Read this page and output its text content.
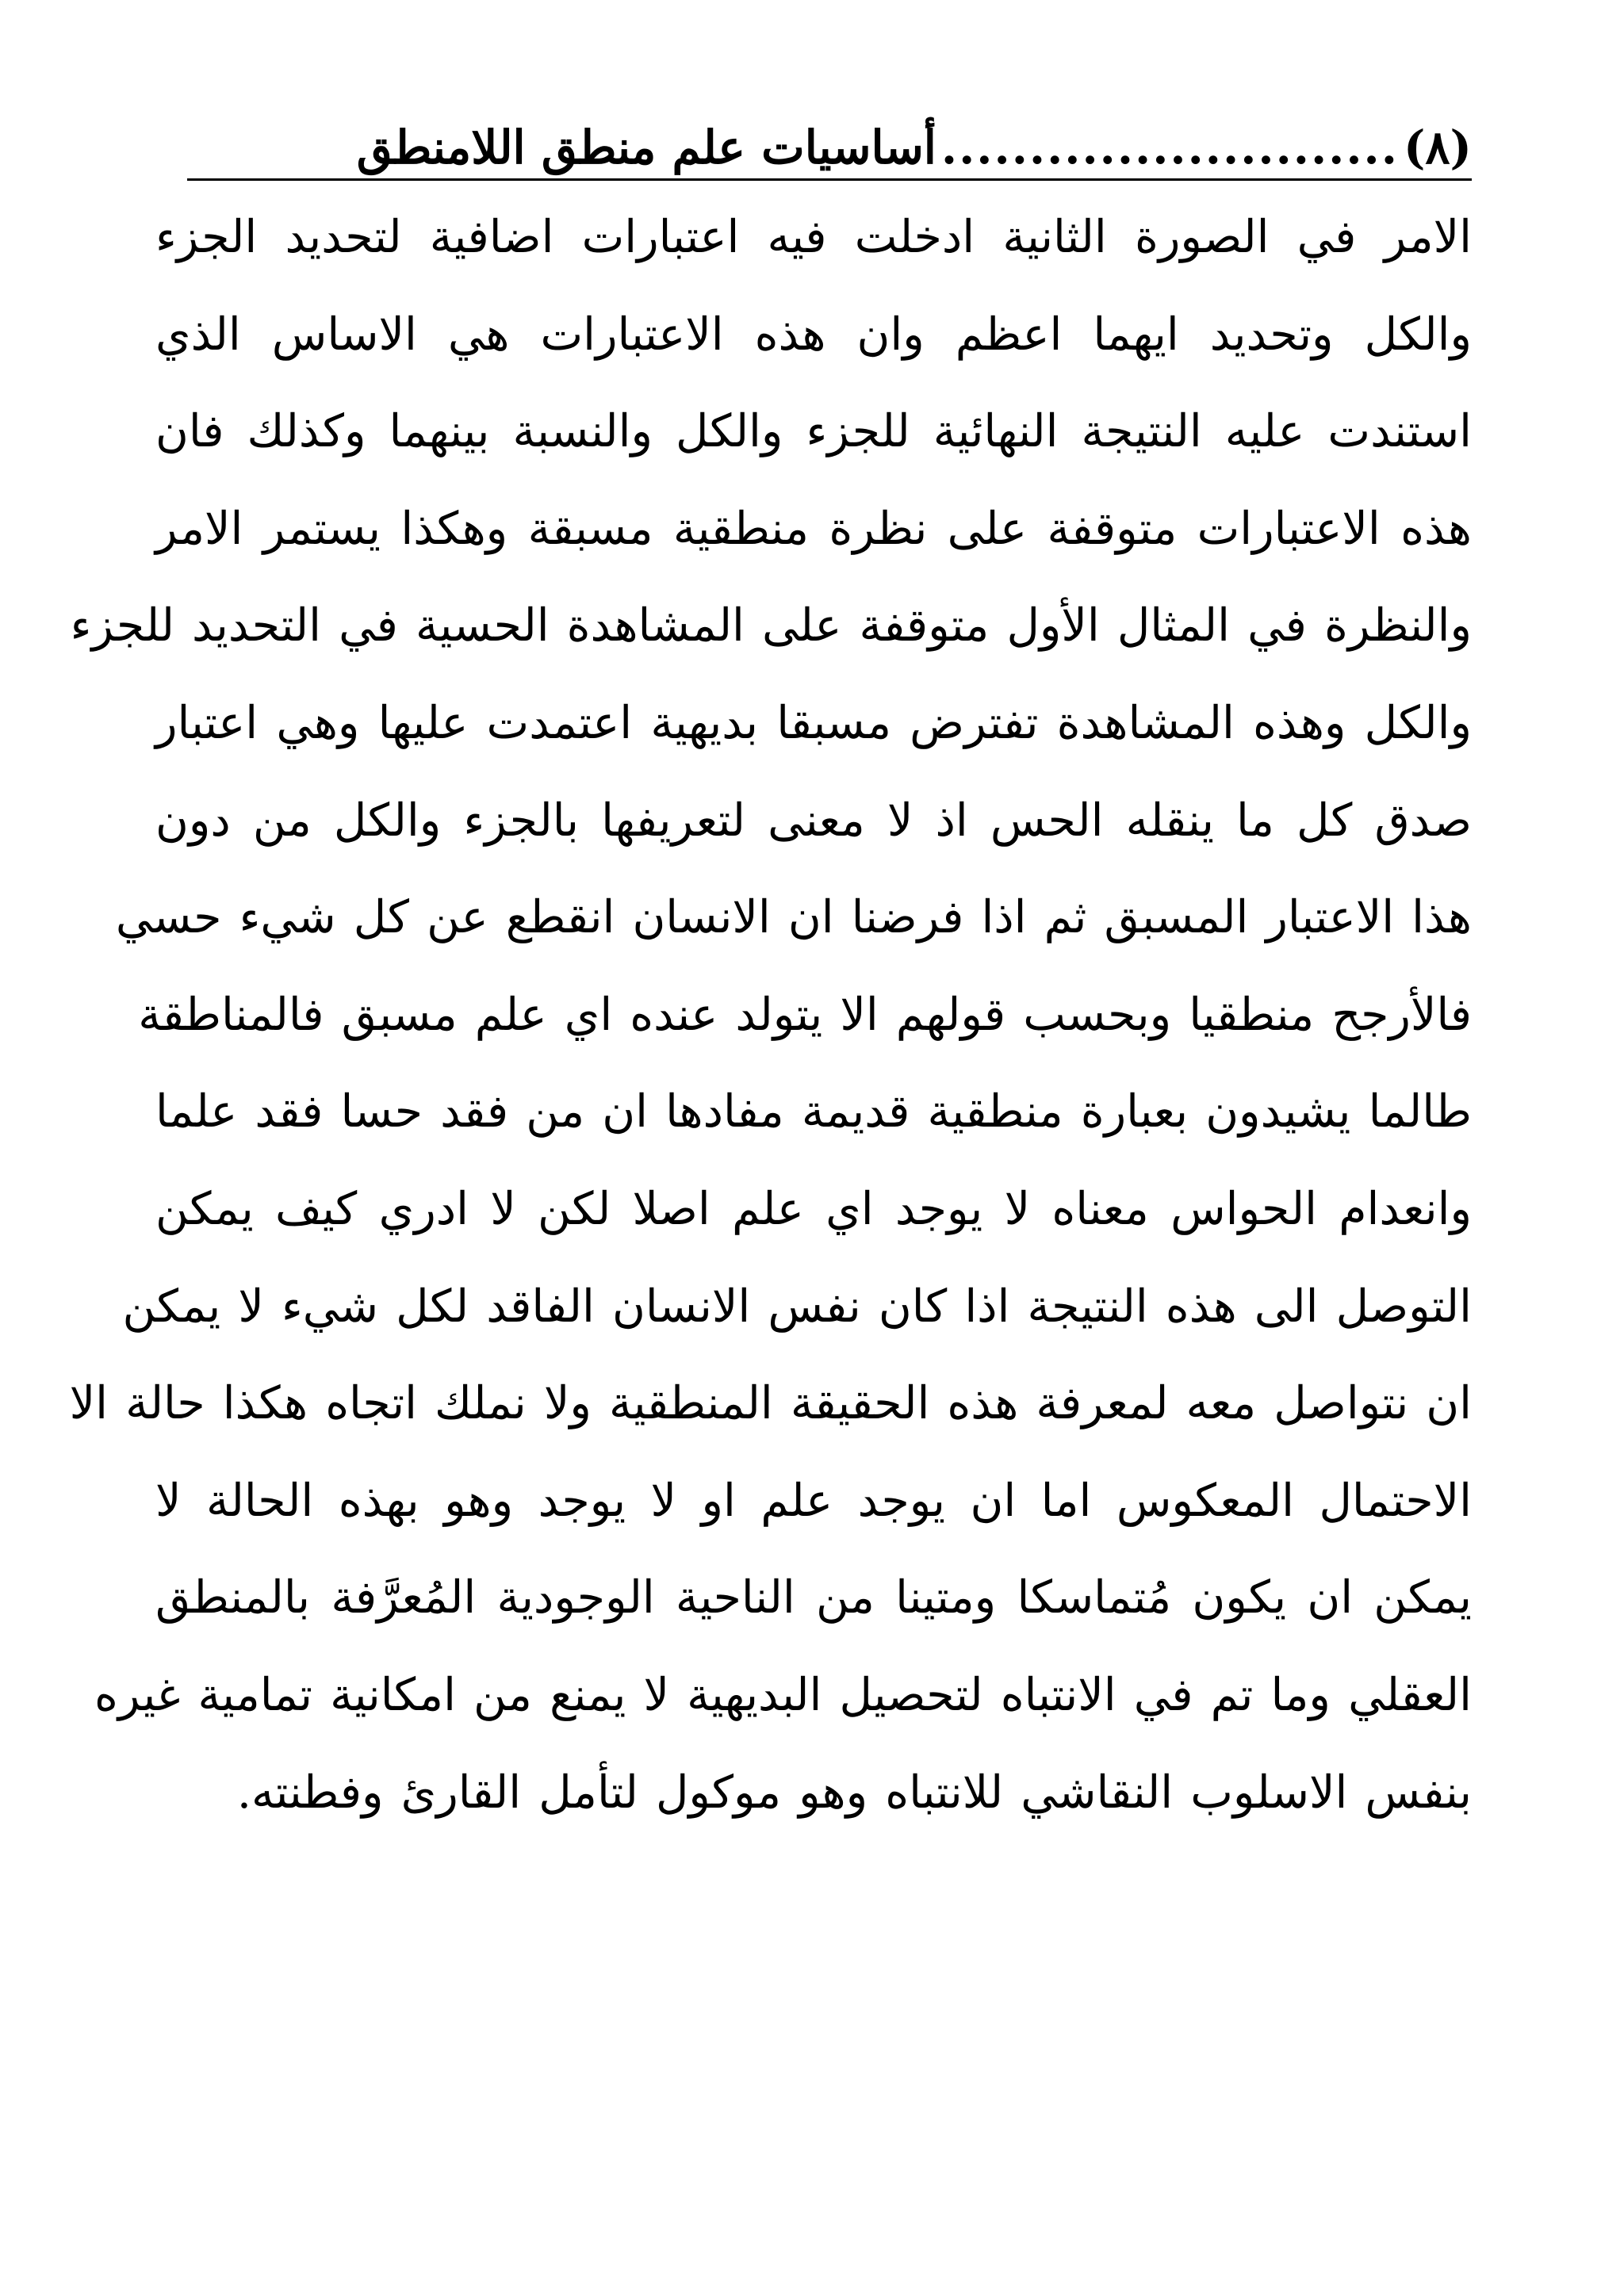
(٨)
..........................
أساسيات علم منطق اللامنطق
الامر في الصورة الثانية ادخلت فيه اعتبارات اضافية لتحديد الجزء
والكل وتحديد ايهما اعظم وان هذه الاعتبارات هي الاساس الذي
استندت عليه النتيجة النهائية للجزء والكل والنسبة بينهما وكذلك فان
هذه الاعتبارات متوقفة على نظرة منطقية مسبقة وهكذا يستمر الامر
والنظرة في المثال الأول متوقفة على المشاهدة الحسية في التحديد للجزء
والكل وهذه المشاهدة تفترض مسبقا بديهية اعتمدت عليها وهي اعتبار
صدق كل ما ينقله الحس اذ لا معنى لتعريفها بالجزء والكل من دون
هذا الاعتبار المسبق ثم اذا فرضنا ان الانسان انقطع عن كل شيء حسي
فالأرجح منطقيا وبحسب قولهم الا يتولد عنده اي علم مسبق فالمناطقة
طالما يشيدون بعبارة منطقية قديمة مفادها ان من فقد حسا فقد علما
وانعدام الحواس معناه لا يوجد اي علم اصلا لكن لا ادري كيف يمكن
التوصل الى هذه النتيجة اذا كان نفس الانسان الفاقد لكل شيء لا يمكن
ان نتواصل معه لمعرفة هذه الحقيقة المنطقية ولا نملك اتجاه هكذا حالة الا
الاحتمال المعكوس اما ان يوجد علم او لا يوجد وهو بهذه الحالة لا
يمكن ان يكون مُتماسكا ومتينا من الناحية الوجودية المُعرَّفة بالمنطق
العقلي وما تم في الانتباه لتحصيل البديهية لا يمنع من امكانية تمامية غيره
بنفس الاسلوب النقاشي للانتباه وهو موكول لتأمل القارئ وفطنته.
